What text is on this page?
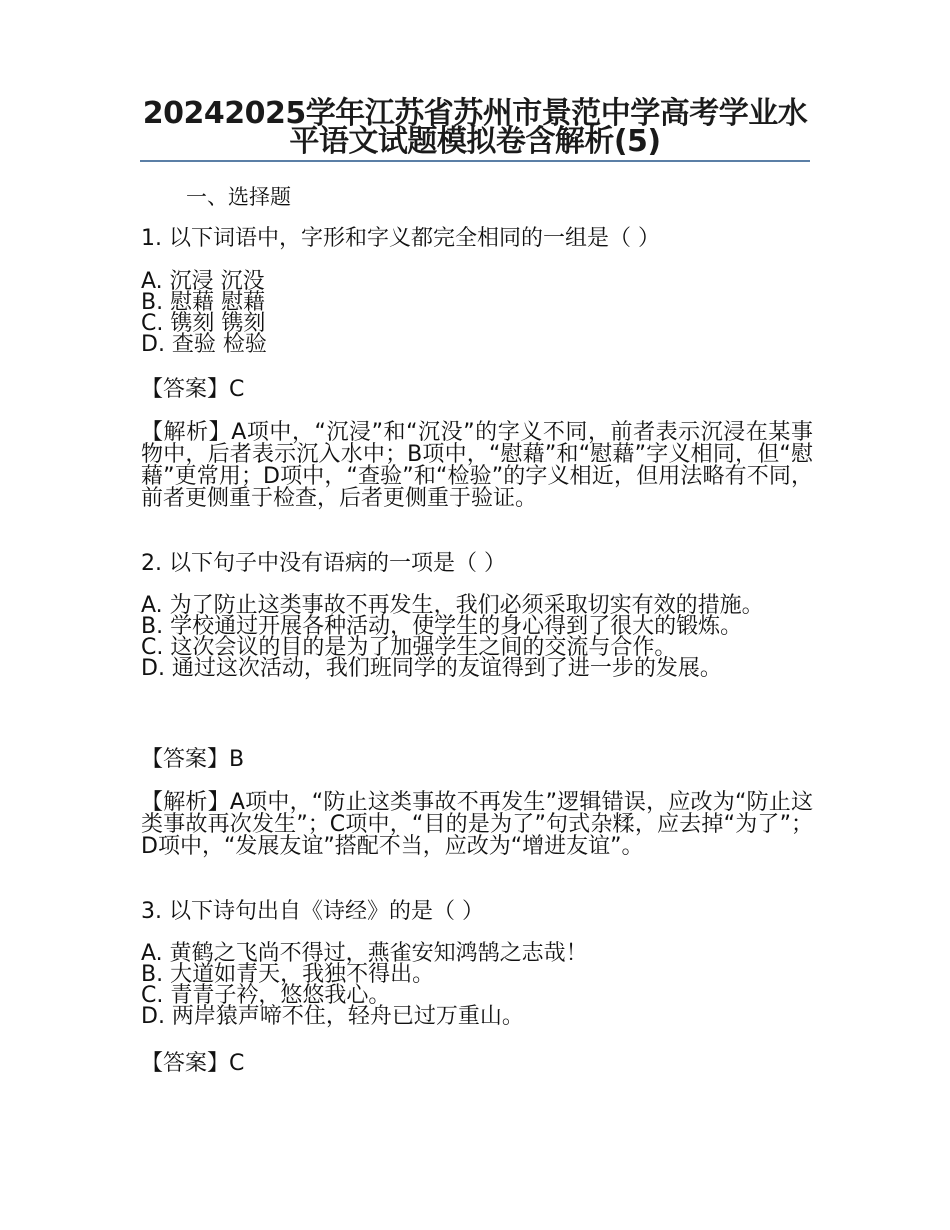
20242025学年江苏省苏州市景范中学高考学业水平语文试题模拟卷含解析(5)
一、选择题

1. 以下词语中，字形和字义都完全相同的一组是（ ）

A. 沉浸 沉没
B. 慰藉 慰藉
C. 镌刻 镌刻
D. 查验 检验

【答案】C

【解析】A项中，“沉浸”和“沉没”的字义不同，前者表示沉浸在某事物中，后者表示沉入水中；B项中，“慰藉”和“慰藉”字义相同，但“慰藉”更常用；D项中，“查验”和“检验”的字义相近，但用法略有不同，前者更侧重于检查，后者更侧重于验证。

2. 以下句子中没有语病的一项是（ ）

A. 为了防止这类事故不再发生，我们必须采取切实有效的措施。
B. 学校通过开展各种活动，使学生的身心得到了很大的锻炼。
C. 这次会议的目的是为了加强学生之间的交流与合作。
D. 通过这次活动，我们班同学的友谊得到了进一步的发展。

【答案】B

【解析】A项中，“防止这类事故不再发生”逻辑错误，应改为“防止这类事故再次发生”；C项中，“目的是为了”句式杂糅，应去掉“为了”；D项中，“发展友谊”搭配不当，应改为“增进友谊”。

3. 以下诗句出自《诗经》的是（ ）

A. 黄鹤之飞尚不得过，燕雀安知鸿鹄之志哉！
B. 大道如青天，我独不得出。
C. 青青子衿，悠悠我心。
D. 两岸猿声啼不住，轻舟已过万重山。

【答案】C
